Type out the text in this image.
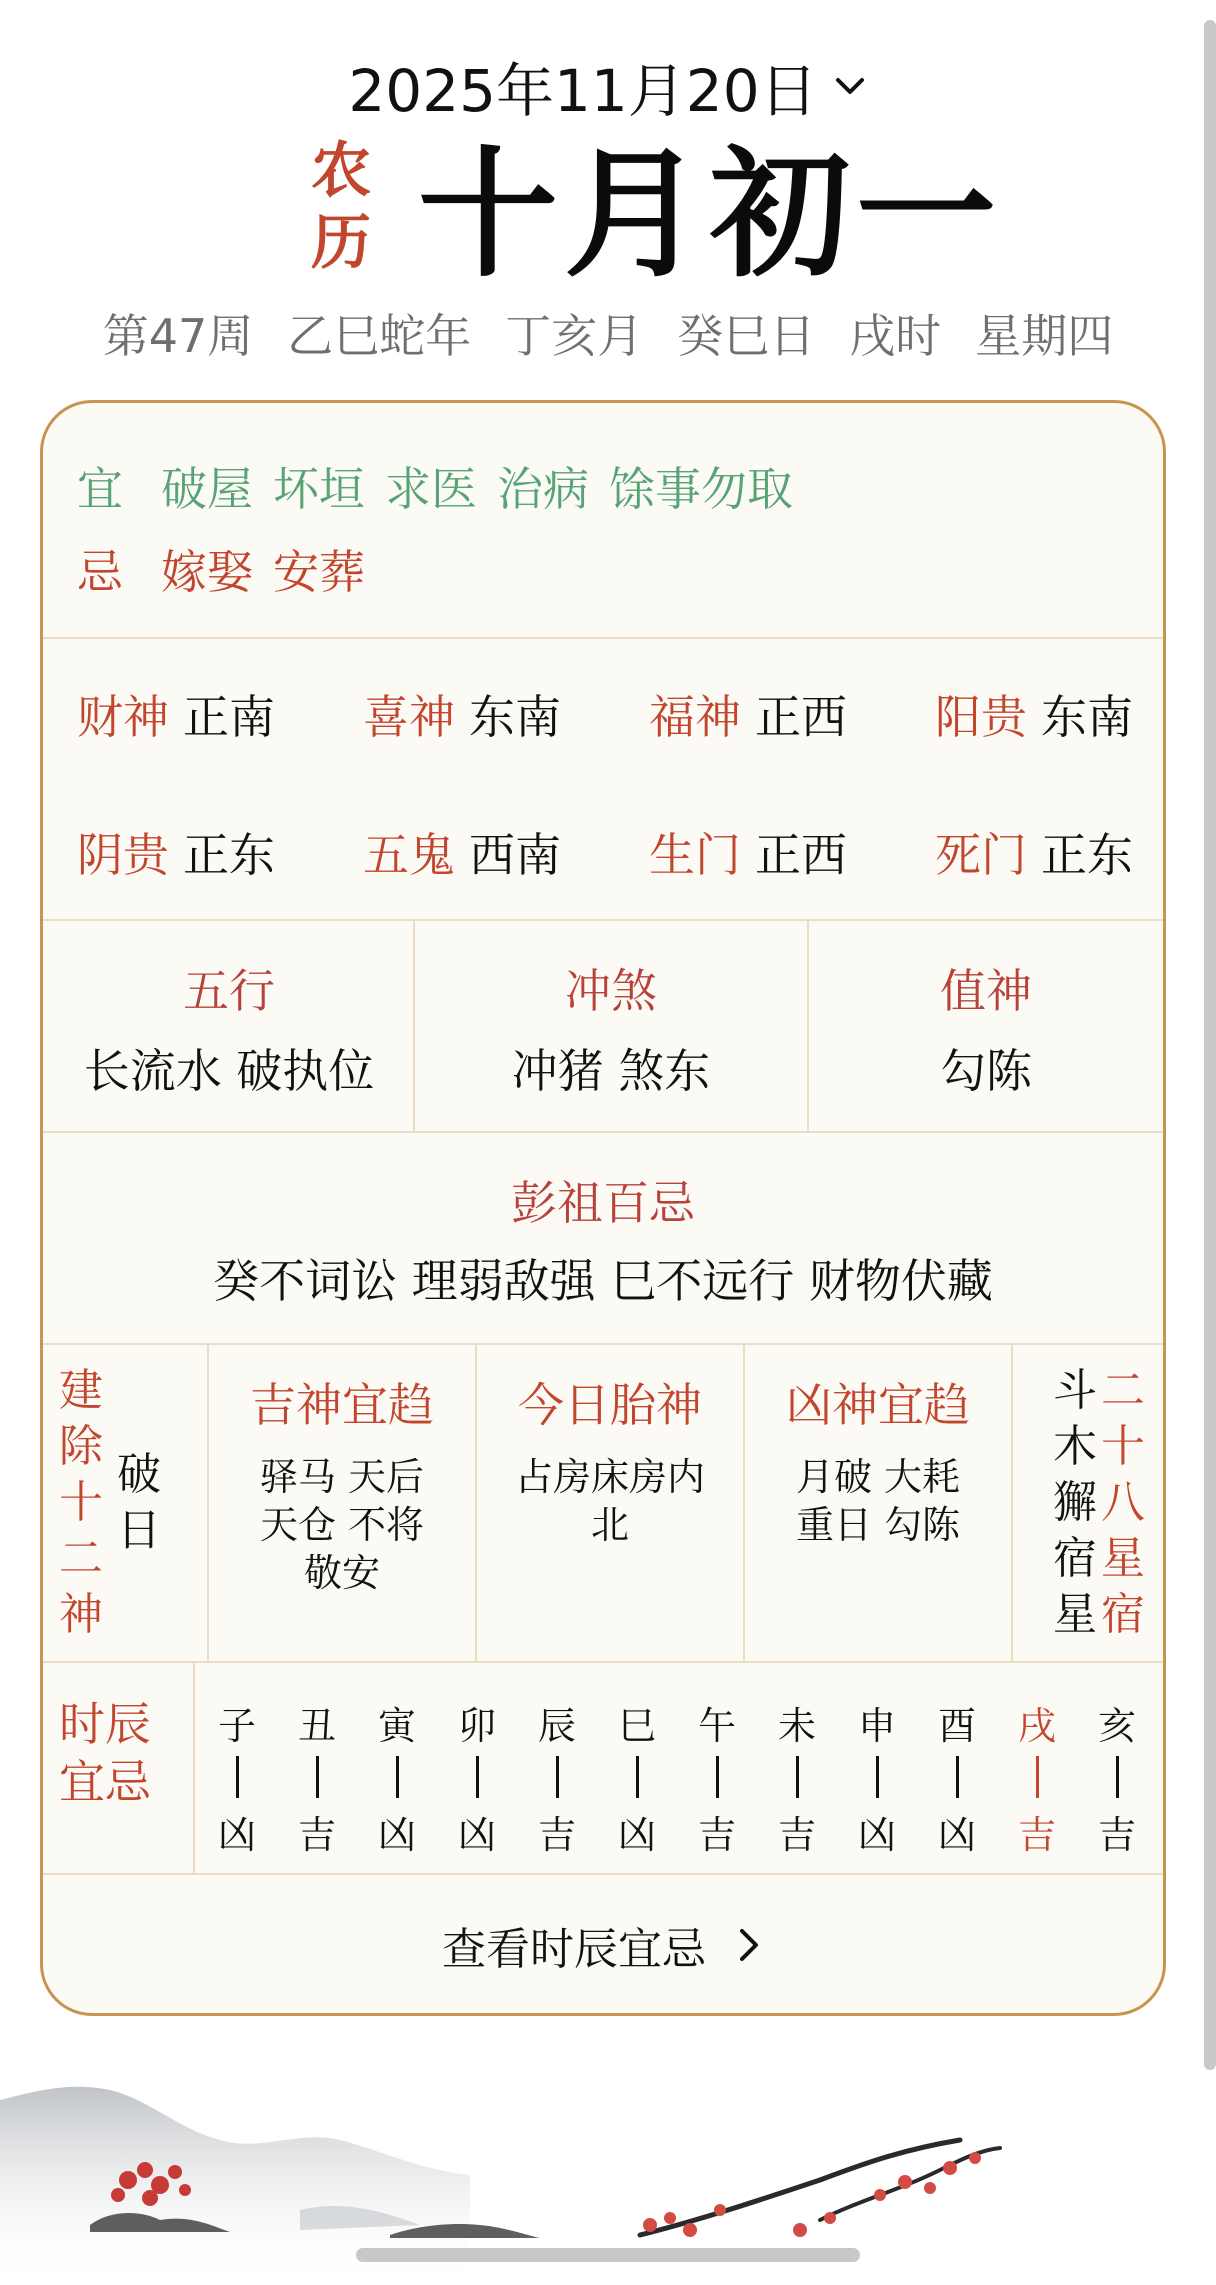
2025年11月20日
农
历 十月初一
第47周 乙巳蛇年 丁亥月 癸巳日 戌时 星期四
宜 破屋 坏垣 求医 治病 馀事勿取
忌 嫁娶 安葬
财神 正南 喜神 东南 福神 正西 阳贵 东南
阴贵 正东 五鬼 西南 生门 正西 死门 正东
五行
长流水 破执位
冲煞
冲猪 煞东
值神
勾陈
彭祖百忌
癸不词讼 理弱敌强 巳不远行 财物伏藏
建
除
十
二
神
破
日
吉神宜趋
驿马 天后
天仓 不将
敬安
今日胎神
占房床房内
北
凶神宜趋
月破 大耗
重日 勾陈
斗
木
獬
宿
星
二
十
八
星
宿
时辰
宜忌
子
凶
丑
吉
寅
凶
卯
凶
辰
吉
巳
凶
午
吉
未
吉
申
凶
酉
凶
戌
吉
亥
吉
查看时辰宜忌
